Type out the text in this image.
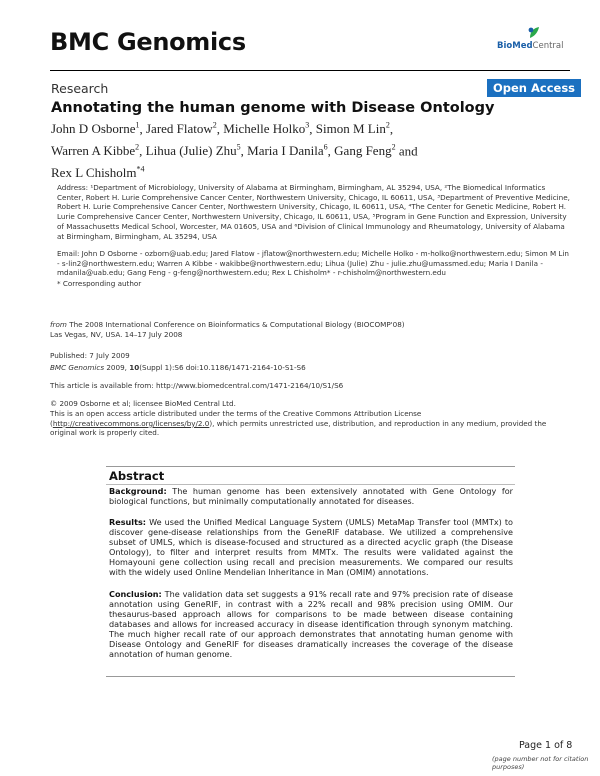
BMC Genomics	BioMedCentral
Research	Open Access
Annotating the human genome with Disease Ontology
John D Osborne$^1$, Jared Flatow$^2$, Michelle Holko$^3$, Simon M Lin$^2$,
Warren A Kibbe$^2$, Lihua (Julie) Zhu$^5$, Maria I Danila$^6$, Gang Feng$^2$ and
Rex L Chisholm$^{*4}$
Address: ¹Department of Microbiology, University of Alabama at Birmingham, Birmingham, AL 35294, USA, ²The Biomedical Informatics Center, Robert H. Lurie Comprehensive Cancer Center, Northwestern University, Chicago, IL 60611, USA, ³Department of Preventive Medicine, Robert H. Lurie Comprehensive Cancer Center, Northwestern University, Chicago, IL 60611, USA, ⁴The Center for Genetic Medicine, Robert H. Lurie Comprehensive Cancer Center, Northwestern University, Chicago, IL 60611, USA, ⁵Program in Gene Function and Expression, University of Massachusetts Medical School, Worcester, MA 01605, USA and ⁶Division of Clinical Immunology and Rheumatology, University of Alabama at Birmingham, Birmingham, AL 35294, USA
Email: John D Osborne - ozborn@uab.edu; Jared Flatow - jflatow@northwestern.edu; Michelle Holko - m-holko@northwestern.edu; Simon M Lin - s-lin2@northwestern.edu; Warren A Kibbe - wakibbe@northwestern.edu; Lihua (Julie) Zhu - julie.zhu@umassmed.edu; Maria I Danila - mdanila@uab.edu; Gang Feng - g-feng@northwestern.edu; Rex L Chisholm* - r-chisholm@northwestern.edu
* Corresponding author
from The 2008 International Conference on Bioinformatics & Computational Biology (BIOCOMP'08)
Las Vegas, NV, USA. 14–17 July 2008
Published: 7 July 2009
BMC Genomics 2009, 10(Suppl 1):S6 doi:10.1186/1471-2164-10-S1-S6
This article is available from: http://www.biomedcentral.com/1471-2164/10/S1/S6
© 2009 Osborne et al; licensee BioMed Central Ltd.
This is an open access article distributed under the terms of the Creative Commons Attribution License (http://creativecommons.org/licenses/by/2.0), which permits unrestricted use, distribution, and reproduction in any medium, provided the original work is properly cited.
Abstract
Background: The human genome has been extensively annotated with Gene Ontology for biological functions, but minimally computationally annotated for diseases.
Results: We used the Unified Medical Language System (UMLS) MetaMap Transfer tool (MMTx) to discover gene-disease relationships from the GeneRIF database. We utilized a comprehensive subset of UMLS, which is disease-focused and structured as a directed acyclic graph (the Disease Ontology), to filter and interpret results from MMTx. The results were validated against the Homayouni gene collection using recall and precision measurements. We compared our results with the widely used Online Mendelian Inheritance in Man (OMIM) annotations.
Conclusion: The validation data set suggests a 91% recall rate and 97% precision rate of disease annotation using GeneRIF, in contrast with a 22% recall and 98% precision using OMIM. Our thesaurus-based approach allows for comparisons to be made between disease containing databases and allows for increased accuracy in disease identification through synonym matching. The much higher recall rate of our approach demonstrates that annotating human genome with Disease Ontology and GeneRIF for diseases dramatically increases the coverage of the disease annotation of human genome.
Page 1 of 8
(page number not for citation purposes)
